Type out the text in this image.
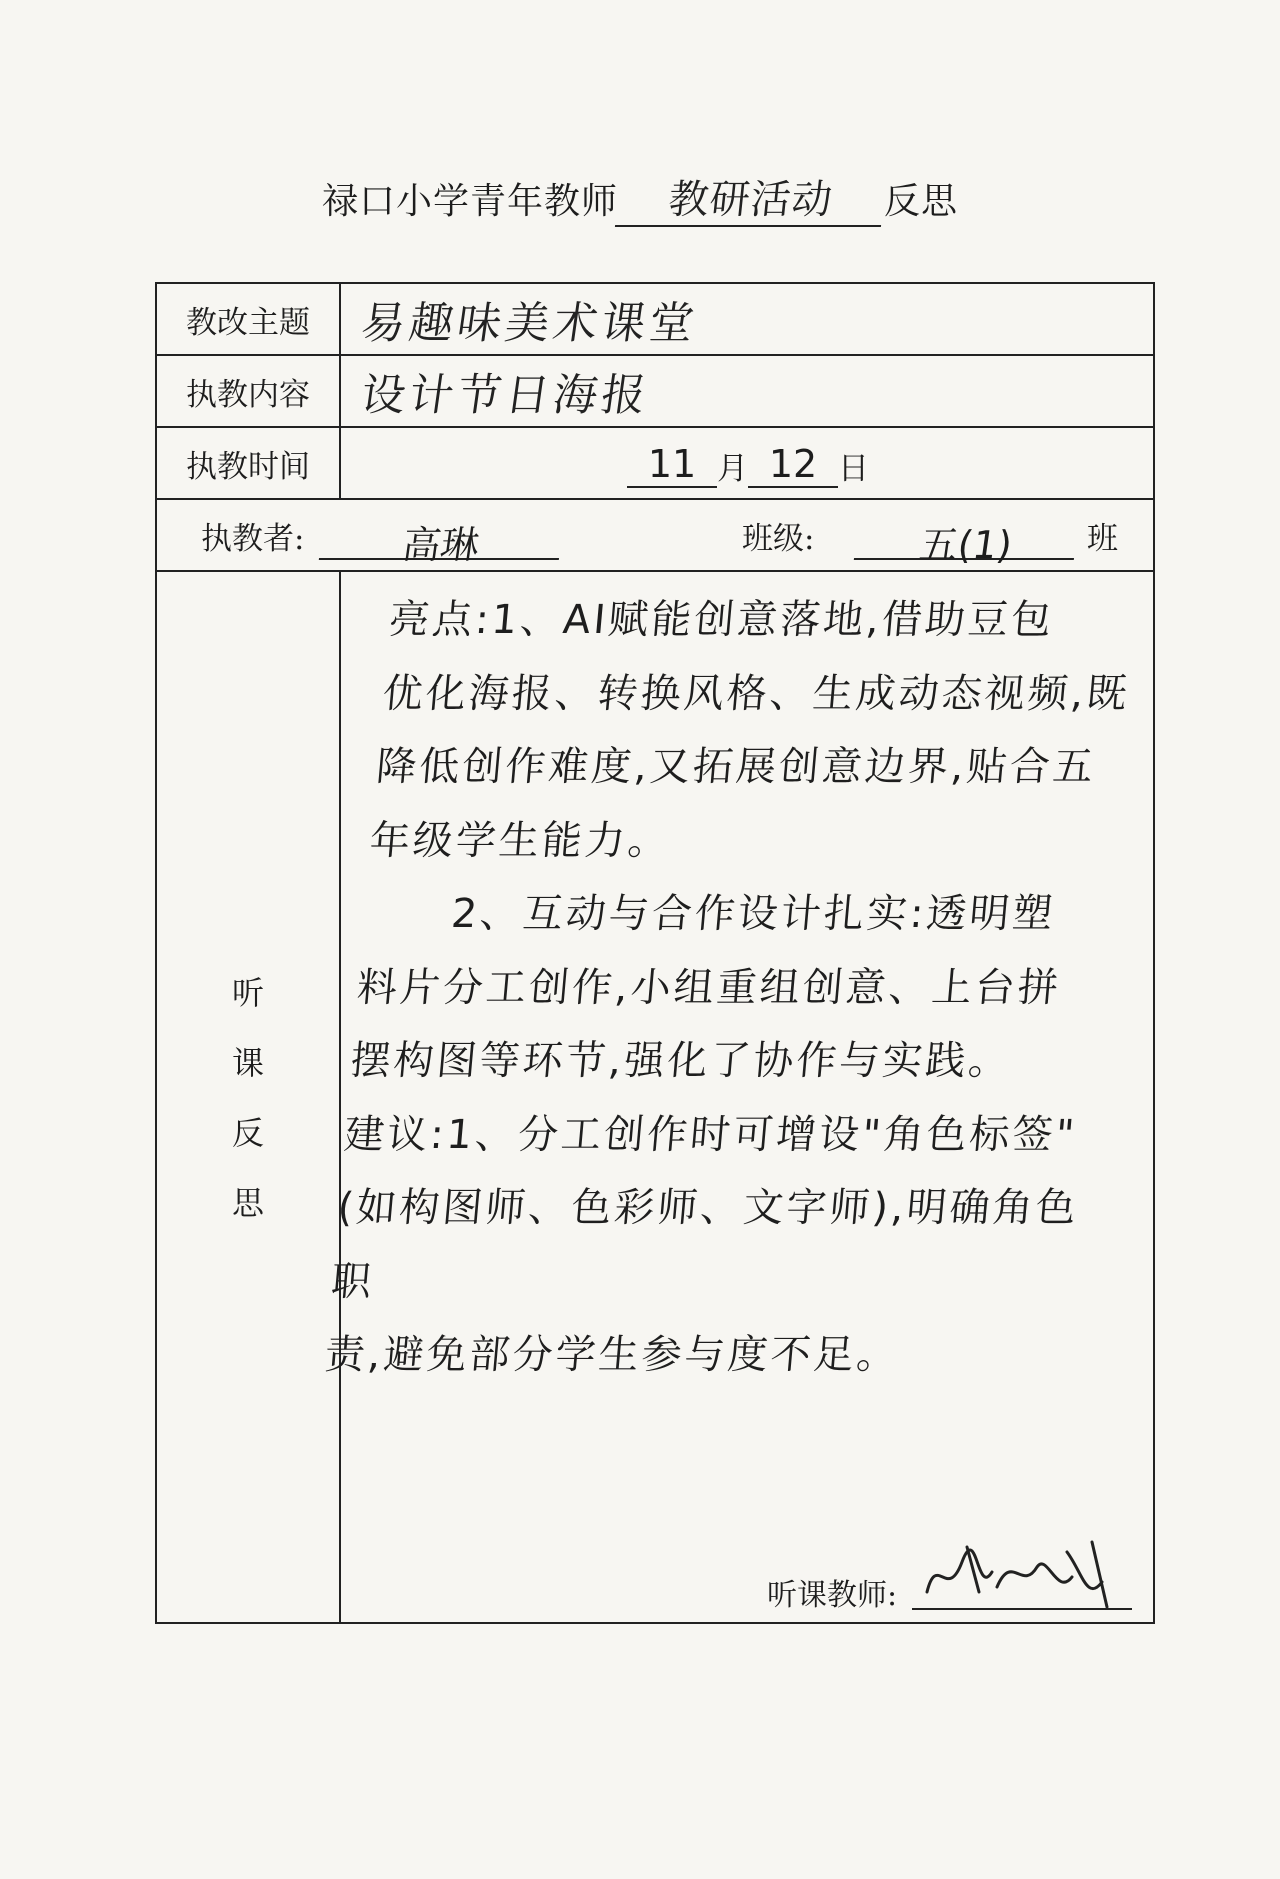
禄口小学青年教师 教研活动 反思
教改主题	易趣味美术课堂
执教内容	设计节日海报
执教时间	11 月 12 日
执教者:	高琳	班级:	五(1)	班
听
课
反
思

亮点:1、AI赋能创意落地,借助豆包

优化海报、转换风格、生成动态视频,既

降低创作难度,又拓展创意边界,贴合五

年级学生能力。

2、互动与合作设计扎实:透明塑

料片分工创作,小组重组创意、上台拼

摆构图等环节,强化了协作与实践。

建议:1、分工创作时可增设"角色标签"

(如构图师、色彩师、文字师),明确角色职

责,避免部分学生参与度不足。

听课教师:
